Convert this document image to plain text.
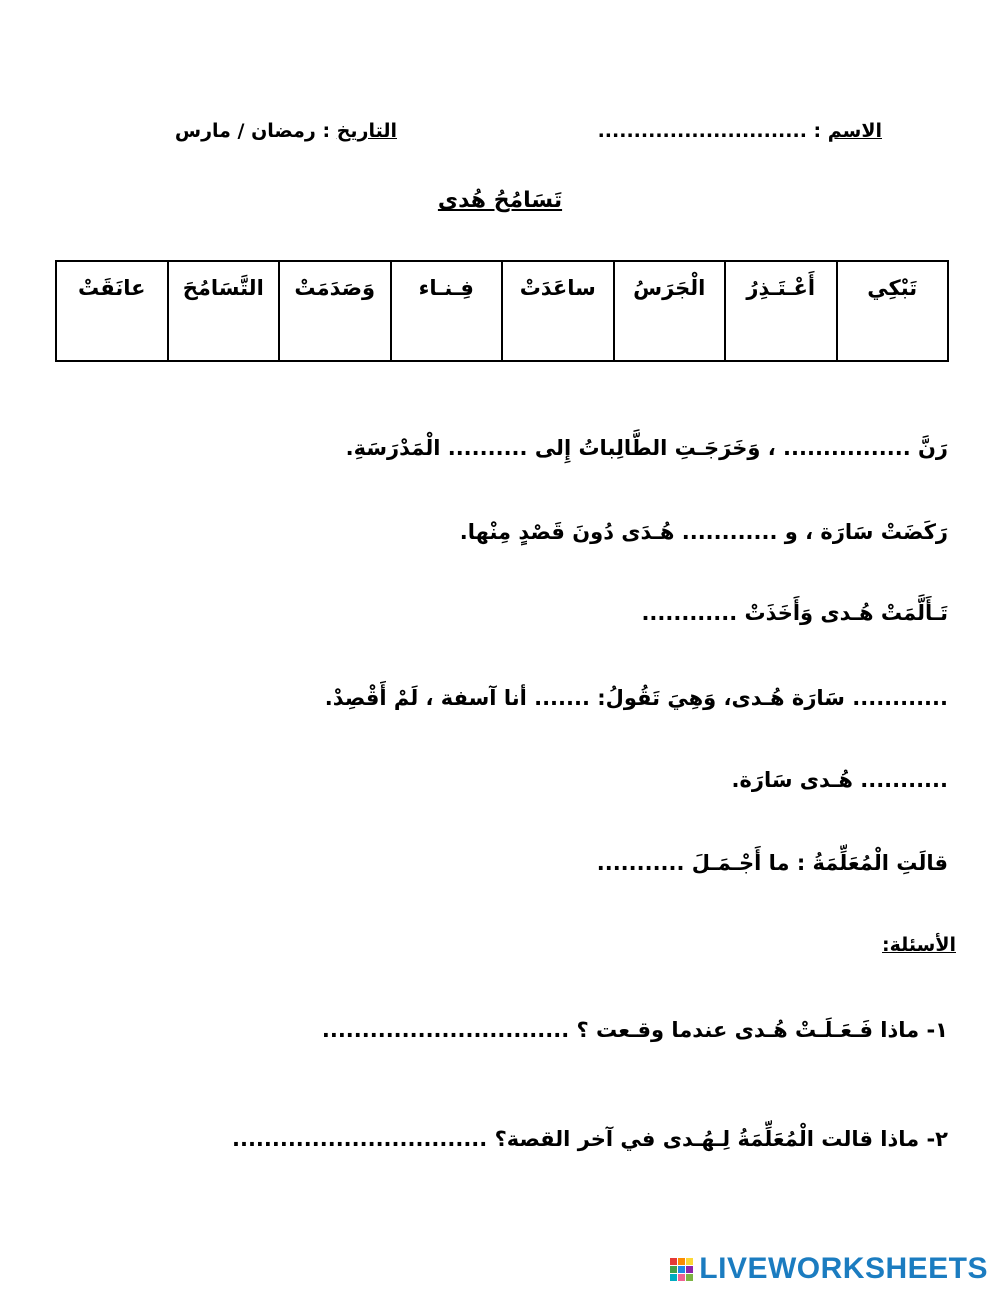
الاسم : .............................
التاريخ : رمضان / مارس
تَسَامُحُ هُدى
تَبْكِي	أَعْـتَـذِرُ	الْجَرَسُ	ساعَدَتْ	فِـنـاء	وَصَدَمَتْ	التَّسَامُحَ	عانَقَتْ
رَنَّ ................ ، وَخَرَجَـتِ الطَّالِباتُ إِلى .......... الْمَدْرَسَةِ.
رَكَضَتْ سَارَة ، و ............ هُـدَى دُونَ قَصْدٍ مِنْها.
تَـأَلَّمَتْ هُـدى وَأَخَذَتْ ............
............ سَارَة هُـدى، وَهِيَ تَقُولُ: ....... أنا آسفة ، لَمْ أَقْصِدْ.
........... هُـدى سَارَة.
قالَتِ الْمُعَلِّمَةُ : ما أَجْـمَـلَ ...........
الأسئلة:
١- ماذا فَـعَـلَـتْ هُـدى عندما وقـعت ؟ ...............................
٢- ماذا قالت الْمُعَلِّمَةُ لِـهُـدى في آخر القصة؟ ................................
LIVEWORKSHEETS
